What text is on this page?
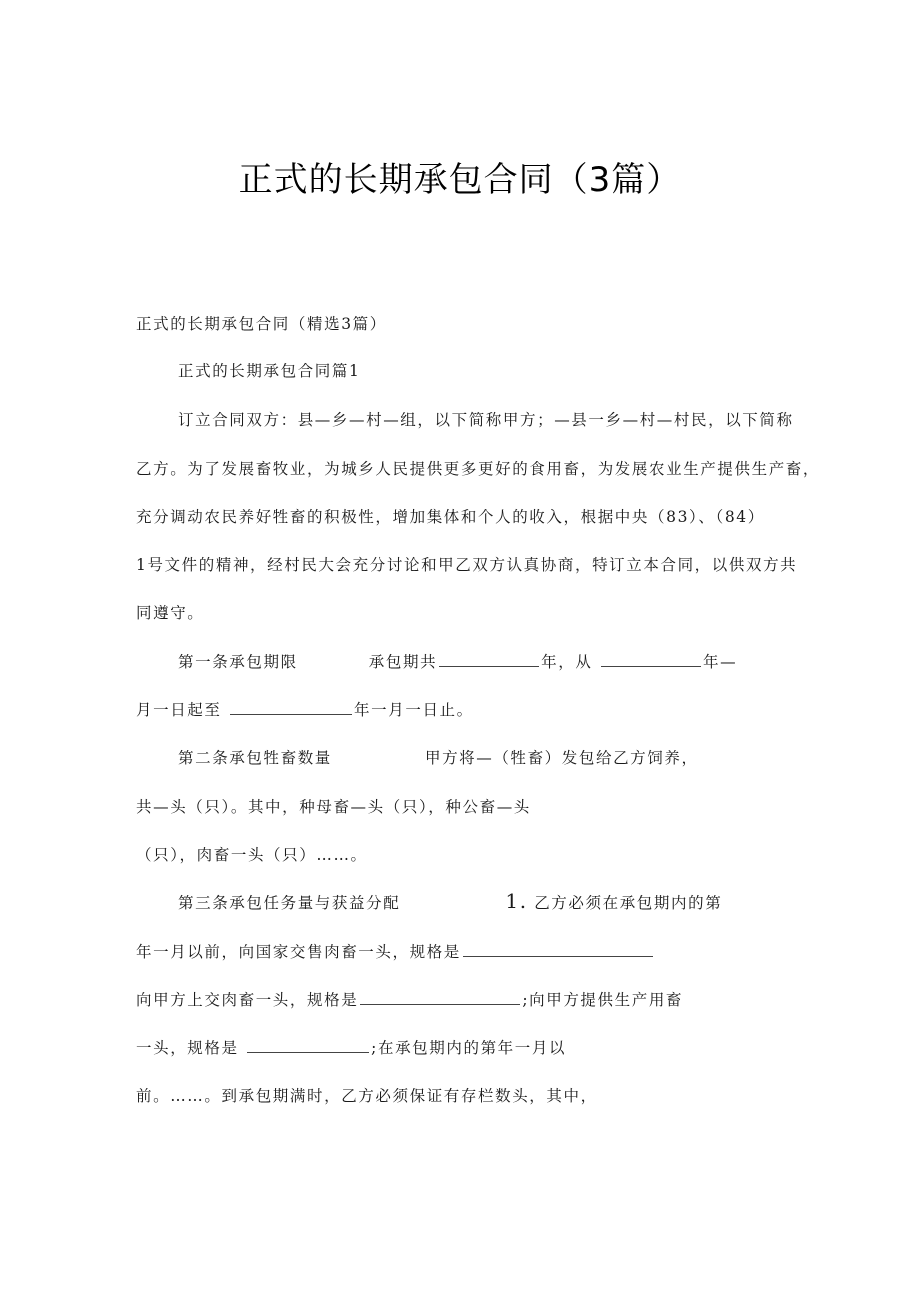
正式的长期承包合同（3篇）
正式的长期承包合同（精选3篇）
正式的长期承包合同篇1
订立合同双方：县—乡—村—组，以下简称甲方；—县一乡—村—村民，以下简称
乙方。为了发展畜牧业，为城乡人民提供更多更好的食用畜，为发展农业生产提供生产畜，
充分调动农民养好牲畜的积极性，增加集体和个人的收入，根据中央（83）、（84）
1号文件的精神，经村民大会充分讨论和甲乙双方认真协商，特订立本合同，以供双方共
同遵守。
第一条承包期限	承包期共	年，从	年—
月一日起至	年一月一日止。
第二条承包牲畜数量	甲方将—（牲畜）发包给乙方饲养，
共—头（只）。其中，种母畜—头（只），种公畜—头
（只），肉畜一头（只）……。
第三条承包任务量与获益分配	1. 乙方必须在承包期内的第
年一月以前，向国家交售肉畜一头，规格是
向甲方上交肉畜一头，规格是	;向甲方提供生产用畜
一头，规格是	;在承包期内的第年一月以
前。……。到承包期满时，乙方必须保证有存栏数头，其中，
